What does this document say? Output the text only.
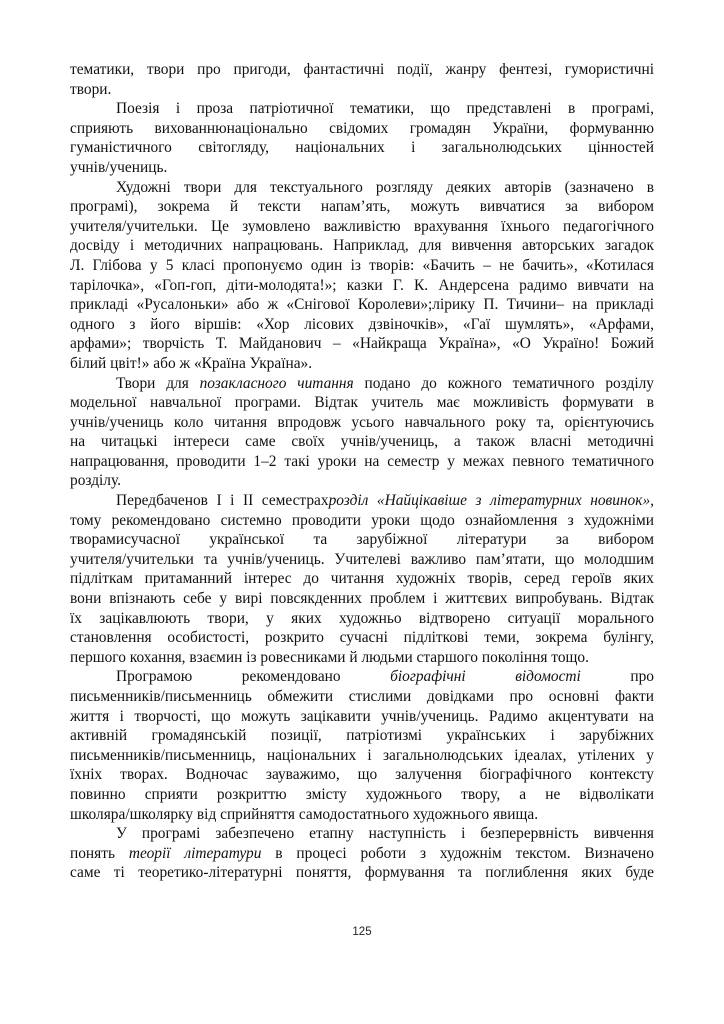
тематики, твори про пригоди, фантастичні події, жанру фентезі, гумористичні
твори.
Поезія і проза патріотичної тематики, що представлені в програмі,
сприяють вихованнюнаціонально свідомих громадян України, формуванню
гуманістичного світогляду, національних і загальнолюдських цінностей
учнів/учениць.
Художні твори для текстуального розгляду деяких авторів (зазначено в
програмі), зокрема й тексти напам’ять, можуть вивчатися за вибором
учителя/учительки. Це зумовлено важливістю врахування їхнього педагогічного
досвіду і методичних напрацювань. Наприклад, для вивчення авторських загадок
Л. Глібова у 5 класі пропонуємо один із творів: «Бачить – не бачить», «Котилася
тарілочка», «Гоп-гоп, діти-молодята!»; казки Г. К. Андерсена радимо вивчати на
прикладі «Русалоньки» або ж «Снігової Королеви»;лірику П. Тичини– на прикладі
одного з його віршів: «Хор лісових дзвіночків», «Гаї шумлять», «Арфами,
арфами»; творчість Т. Майданович – «Найкраща Україна», «О Україно! Божий
білий цвіт!» або ж «Країна Україна».
Твори для позакласного читання подано до кожного тематичного розділу
модельної навчальної програми. Відтак учитель має можливість формувати в
учнів/учениць коло читання впродовж усього навчального року та, орієнтуючись
на читацькі інтереси саме своїх учнів/учениць, а також власні методичні
напрацювання, проводити 1–2 такі уроки на семестр у межах певного тематичного
розділу.
Передбаченов І і ІІ семестрахрозділ «Найцікавіше з літературних новинок»,
тому рекомендовано системно проводити уроки щодо ознайомлення з художніми
творамисучасної української та зарубіжної літератури за вибором
учителя/учительки та учнів/учениць. Учителеві важливо пам’ятати, що молодшим
підліткам притаманний інтерес до читання художніх творів, серед героїв яких
вони впізнають себе у вирі повсякденних проблем і життєвих випробувань. Відтак
їх зацікавлюють твори, у яких художньо відтворено ситуації морального
становлення особистості, розкрито сучасні підліткові теми, зокрема булінгу,
першого кохання, взаємин із ровесниками й людьми старшого покоління тощо.
Програмою рекомендовано біографічні відомості про
письменників/письменниць обмежити стислими довідками про основні факти
життя і творчості, що можуть зацікавити учнів/учениць. Радимо акцентувати на
активній громадянській позиції, патріотизмі українських і зарубіжних
письменників/письменниць, національних і загальнолюдських ідеалах, утілених у
їхніх творах. Водночас зауважимо, що залучення біографічного контексту
повинно сприяти розкриттю змісту художнього твору, а не відволікати
школяра/школярку від сприйняття самодостатнього художнього явища.
У програмі забезпечено етапну наступність і безперервність вивчення
понять теорії літератури в процесі роботи з художнім текстом. Визначено
саме ті теоретико-літературні поняття, формування та поглиблення яких буде
125
